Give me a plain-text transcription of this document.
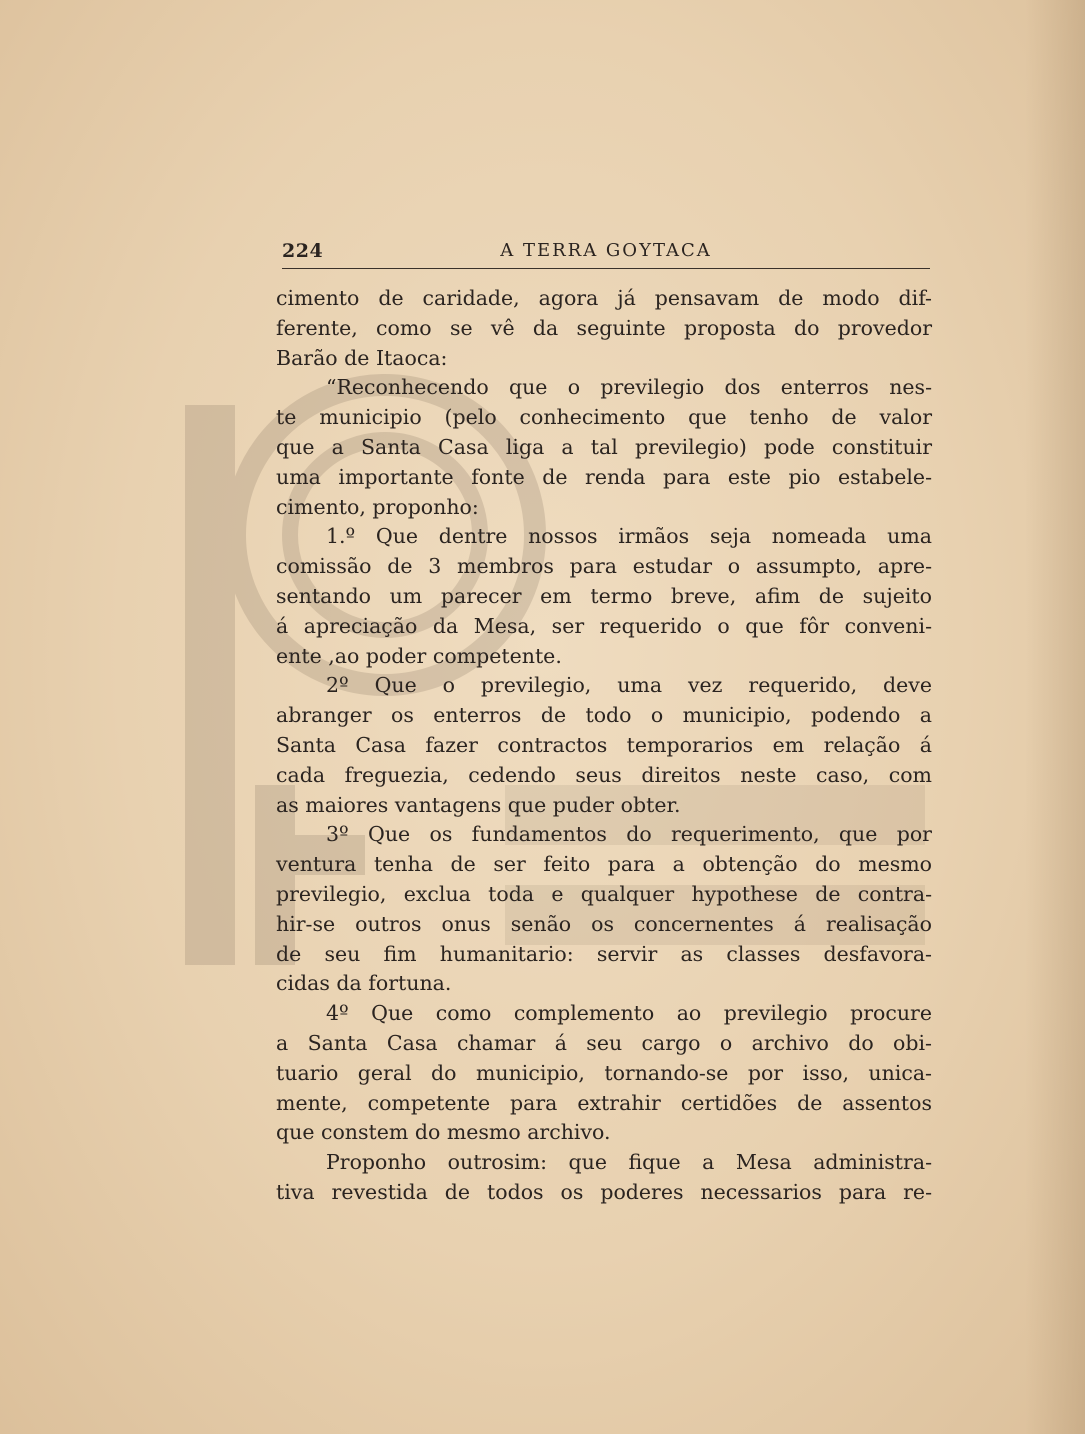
224	A TERRA GOYTACA
cimento de caridade, agora já pensavam de modo dif-
ferente, como se vê da seguinte proposta do provedor
Barão de Itaoca:
“Reconhecendo que o previlegio dos enterros nes-
te municipio (pelo conhecimento que tenho de valor
que a Santa Casa liga a tal previlegio) pode constituir
uma importante fonte de renda para este pio estabele-
cimento, proponho:
1.º Que dentre nossos irmãos seja nomeada uma
comissão de 3 membros para estudar o assumpto, apre-
sentando um parecer em termo breve, afim de sujeito
á apreciação da Mesa, ser requerido o que fôr conveni-
ente ,ao poder competente.
2º Que o previlegio, uma vez requerido, deve
abranger os enterros de todo o municipio, podendo a
Santa Casa fazer contractos temporarios em relação á
cada freguezia, cedendo seus direitos neste caso, com
as maiores vantagens que puder obter.
3º Que os fundamentos do requerimento, que por
ventura tenha de ser feito para a obtenção do mesmo
previlegio, exclua toda e qualquer hypothese de contra-
hir-se outros onus senão os concernentes á realisação
de seu fim humanitario: servir as classes desfavora-
cidas da fortuna.
4º Que como complemento ao previlegio procure
a Santa Casa chamar á seu cargo o archivo do obi-
tuario geral do municipio, tornando-se por isso, unica-
mente, competente para extrahir certidões de assentos
que constem do mesmo archivo.
Proponho outrosim: que fique a Mesa administra-
tiva revestida de todos os poderes necessarios para re-
